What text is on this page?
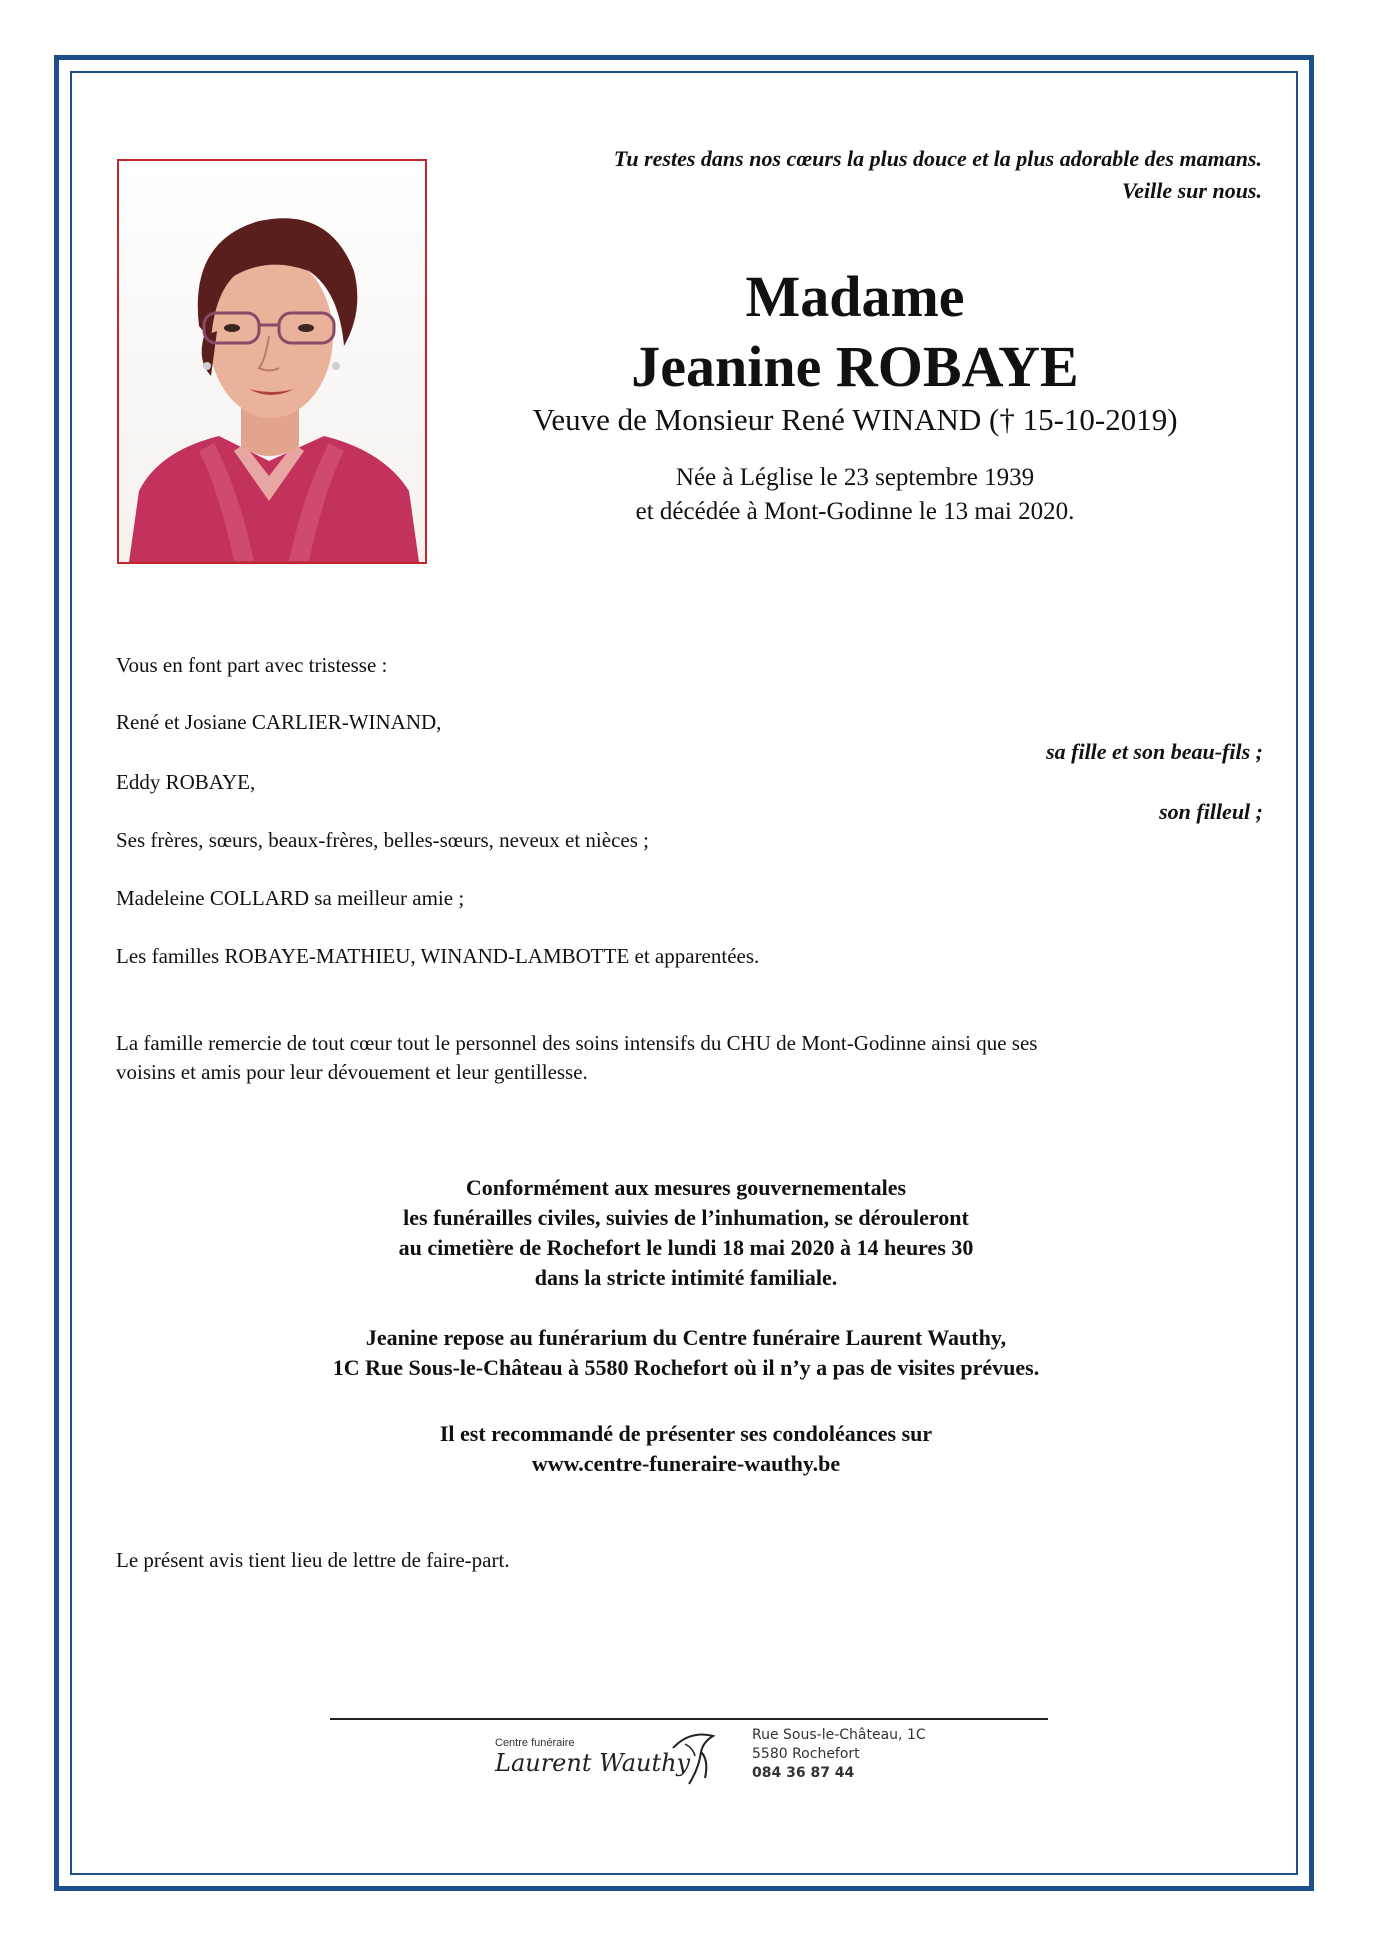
Tu restes dans nos cœurs la plus douce et la plus adorable des mamans.
Veille sur nous.
Madame
Jeanine ROBAYE
Veuve de Monsieur René WINAND († 15-10-2019)
Née à Léglise le 23 septembre 1939
et décédée à Mont-Godinne le 13 mai 2020.
Vous en font part avec tristesse :
René et Josiane CARLIER-WINAND,
sa fille et son beau-fils ;
Eddy ROBAYE,
son filleul ;
Ses frères, sœurs, beaux-frères, belles-sœurs, neveux et nièces ;
Madeleine COLLARD sa meilleur amie ;
Les familles ROBAYE-MATHIEU, WINAND-LAMBOTTE et apparentées.
La famille remercie de tout cœur tout le personnel des soins intensifs du CHU de Mont-Godinne ainsi que ses
voisins et amis pour leur dévouement et leur gentillesse.
Conformément aux mesures gouvernementales
les funérailles civiles, suivies de l’inhumation, se dérouleront
au cimetière de Rochefort le lundi 18 mai 2020 à 14 heures 30
dans la stricte intimité familiale.
Jeanine repose au funérarium du Centre funéraire Laurent Wauthy,
1C Rue Sous-le-Château à 5580 Rochefort où il n’y a pas de visites prévues.
Il est recommandé de présenter ses condoléances sur
www.centre-funeraire-wauthy.be
Le présent avis tient lieu de lettre de faire-part.
Centre funéraire
Laurent Wauthy
Rue Sous-le-Château, 1C
5580 Rochefort
084 36 87 44
